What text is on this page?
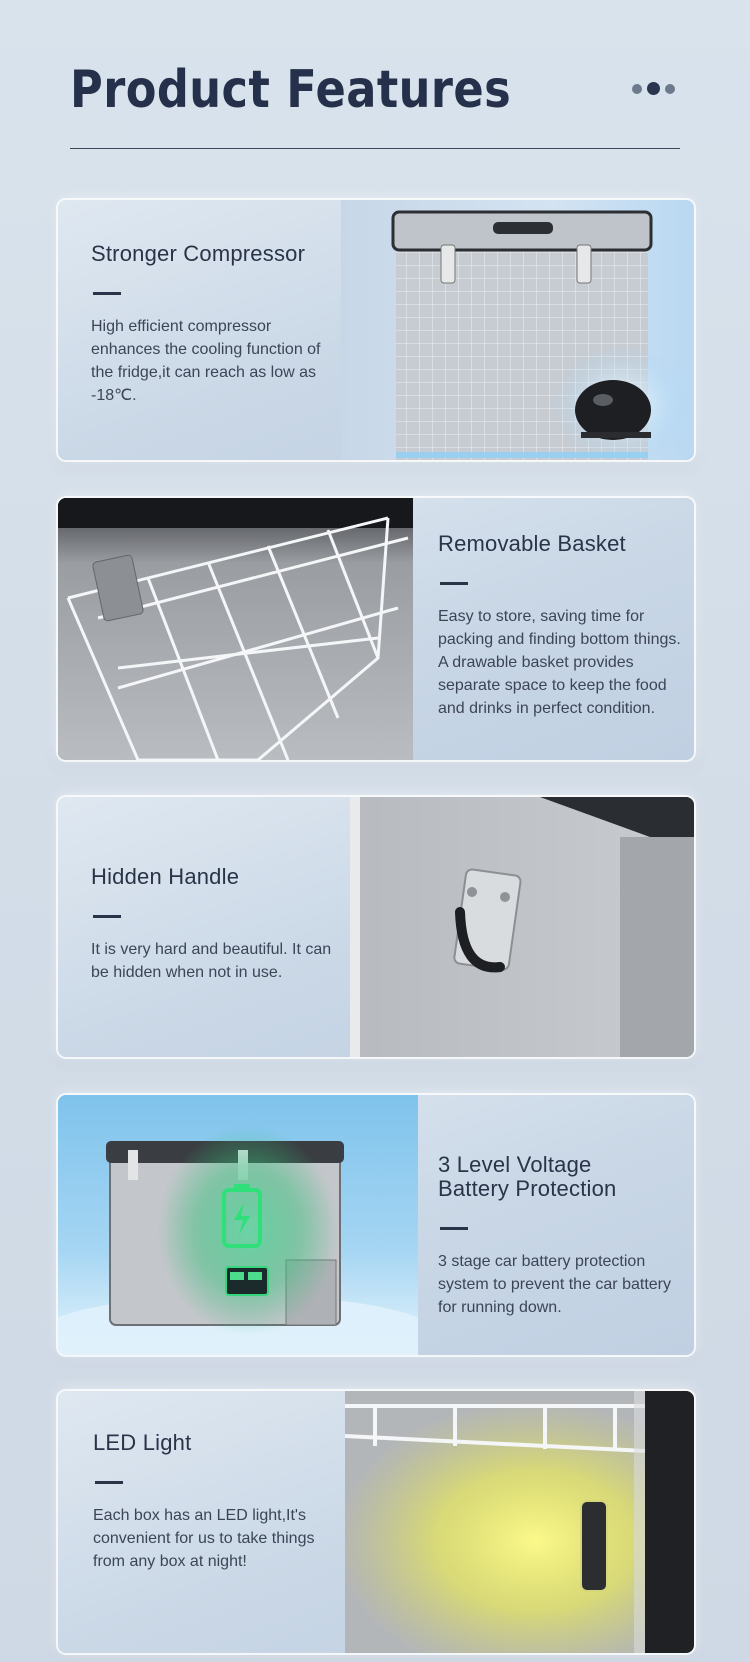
Product Features
Stronger Compressor

High efficient compressor enhances the cooling function of the fridge,it can reach as low as -18℃.

Removable Basket

Easy to store, saving time for packing and finding bottom things. A drawable basket provides separate space to keep the food and drinks in perfect condition.

Hidden Handle

It is very hard and beautiful. It can be hidden when not in use.

3 Level Voltage Battery Protection

3 stage car battery protection system to prevent the car battery for running down.

LED Light

Each box has an LED light,It's convenient for us to take things from any box at night!
